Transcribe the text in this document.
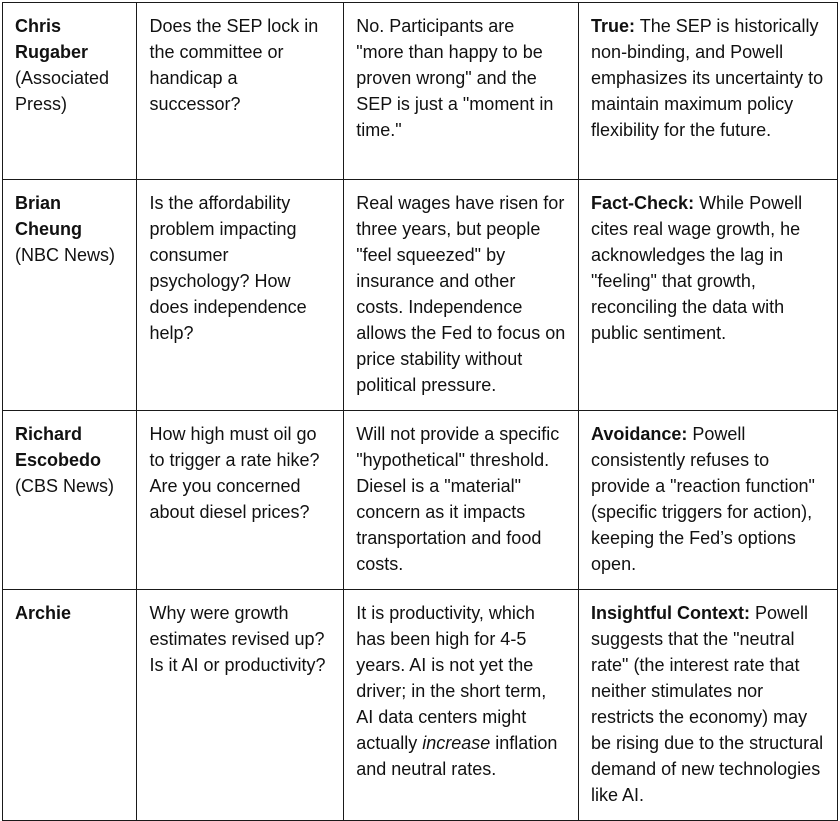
Chris Rugaber
(Associated Press)	Does the SEP lock in the committee or handicap a successor?	No. Participants are "more than happy to be proven wrong" and the SEP is just a "moment in time."	True: The SEP is historically non-binding, and Powell emphasizes its uncertainty to maintain maximum policy flexibility for the future.

Brian Cheung
(NBC News)	Is the affordability problem impacting consumer psychology? How does independence help?	Real wages have risen for three years, but people "feel squeezed" by insurance and other costs. Independence allows the Fed to focus on price stability without political pressure.	Fact-Check: While Powell cites real wage growth, he acknowledges the lag in "feeling" that growth, reconciling the data with public sentiment.

Richard Escobedo
(CBS News)	How high must oil go to trigger a rate hike? Are you concerned about diesel prices?	Will not provide a specific "hypothetical" threshold. Diesel is a "material" concern as it impacts transportation and food costs.	Avoidance: Powell consistently refuses to provide a "reaction function" (specific triggers for action), keeping the Fed’s options open.

Archie	Why were growth estimates revised up? Is it AI or productivity?	It is productivity, which has been high for 4-5 years. AI is not yet the driver; in the short term, AI data centers might actually increase inflation and neutral rates.	Insightful Context: Powell suggests that the "neutral rate" (the interest rate that neither stimulates nor restricts the economy) may be rising due to the structural demand of new technologies like AI.
